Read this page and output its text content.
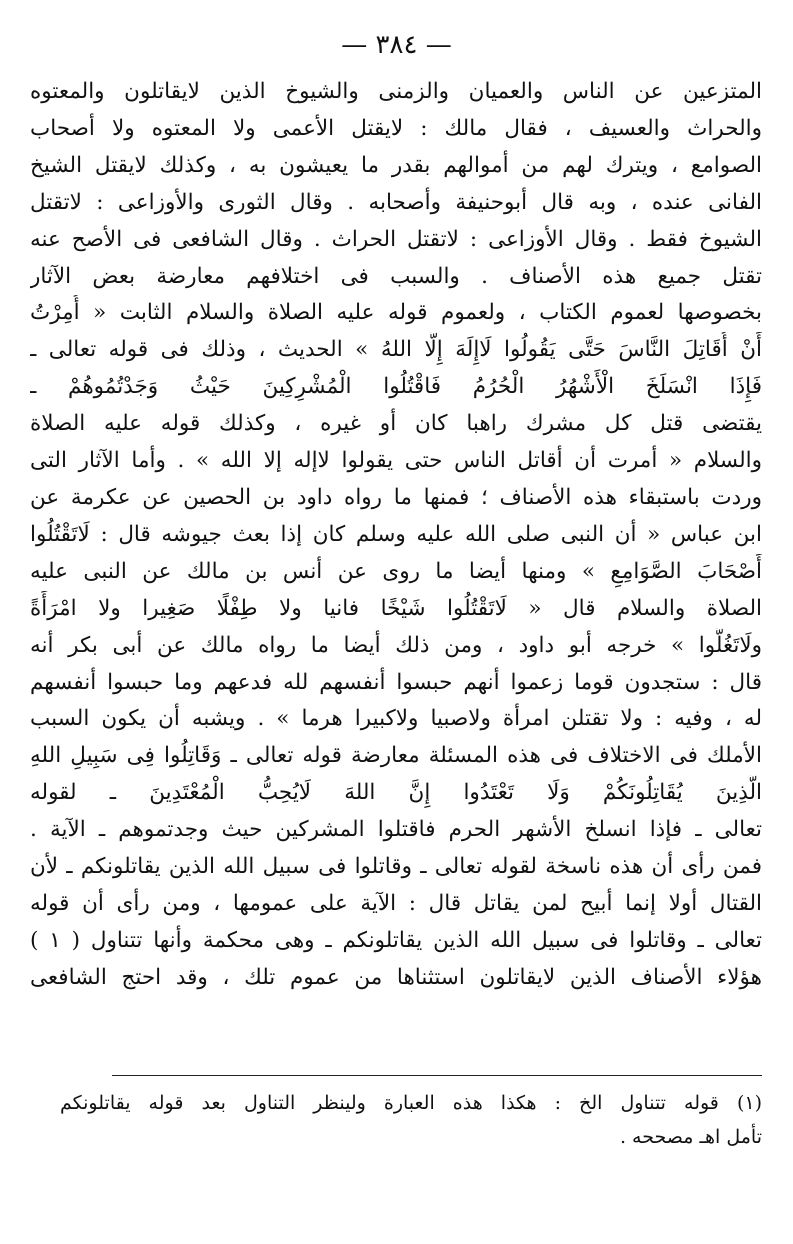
— ٣٨٤ —
المتزعين عن الناس والعميان والزمنى والشيوخ الذين لايقاتلون والمعتوه
والحراث والعسيف ، فقال مالك : لايقتل الأعمى ولا المعتوه ولا أصحاب
الصوامع ، ويترك لهم من أموالهم بقدر ما يعيشون به ، وكذلك لايقتل الشيخ
الفانى عنده ، وبه قال أبوحنيفة وأصحابه . وقال الثورى والأوزاعى : لاتقتل
الشيوخ فقط . وقال الأوزاعى : لاتقتل الحراث . وقال الشافعى فى الأصح عنه
تقتل جميع هذه الأصناف . والسبب فى اختلافهم معارضة بعض الآثار
بخصوصها لعموم الكتاب ، ولعموم قوله عليه الصلاة والسلام الثابت « أُمِرْتُ
أَنْ أُقَاتِلَ النَّاسَ حَتَّى يَقُولُوا لَاإِلَهَ إِلَّا اللهُ » الحديث ، وذلك فى قوله تعالى ـ
فَإِذَا انْسَلَخَ الْأَشْهُرُ الْحُرُمُ فَاقْتُلُوا الْمُشْرِكِينَ حَيْثُ وَجَدْتُمُوهُمْ ـ
يقتضى قتل كل مشرك راهبا كان أو غيره ، وكذلك قوله عليه الصلاة
والسلام « أمرت أن أقاتل الناس حتى يقولوا لاإله إلا الله » . وأما الآثار التى
وردت باستبقاء هذه الأصناف ؛ فمنها ما رواه داود بن الحصين عن عكرمة عن
ابن عباس « أن النبى صلى الله عليه وسلم كان إذا بعث جيوشه قال : لَاتَقْتُلُوا
أَصْحَابَ الصَّوَامِعِ » ومنها أيضا ما روى عن أنس بن مالك عن النبى عليه
الصلاة والسلام قال « لَاتَقْتُلُوا شَيْخًا فانيا ولا طِفْلًا صَغِيرا ولا امْرَأَةً
ولَاتَغُلُّوا » خرجه أبو داود ، ومن ذلك أيضا ما رواه مالك عن أبى بكر أنه
قال : ستجدون قوما زعموا أنهم حبسوا أنفسهم لله فدعهم وما حبسوا أنفسهم
له ، وفيه : ولا تقتلن امرأة ولاصبيا ولاكبيرا هرما » . ويشبه أن يكون السبب
الأملك فى الاختلاف فى هذه المسئلة معارضة قوله تعالى ـ وَقَاتِلُوا فِى سَبِيلِ اللهِ
الَّذِينَ يُقَاتِلُونَكُمْ وَلَا تَعْتَدُوا إِنَّ اللهَ لَايُحِبُّ الْمُعْتَدِينَ ـ لقوله
تعالى ـ فإذا انسلخ الأشهر الحرم فاقتلوا المشركين حيث وجدتموهم ـ الآية .
فمن رأى أن هذه ناسخة لقوله تعالى ـ وقاتلوا فى سبيل الله الذين يقاتلونكم ـ لأن
القتال أولا إنما أبيح لمن يقاتل قال : الآية على عمومها ، ومن رأى أن قوله
تعالى ـ وقاتلوا فى سبيل الله الذين يقاتلونكم ـ وهى محكمة وأنها تتناول ( ١ )
هؤلاء الأصناف الذين لايقاتلون استثناها من عموم تلك ، وقد احتج الشافعى
(١) قوله تتناول الخ : هكذا هذه العبارة ولينظر التناول بعد قوله يقاتلونكم
تأمل اهـ مصححه .
